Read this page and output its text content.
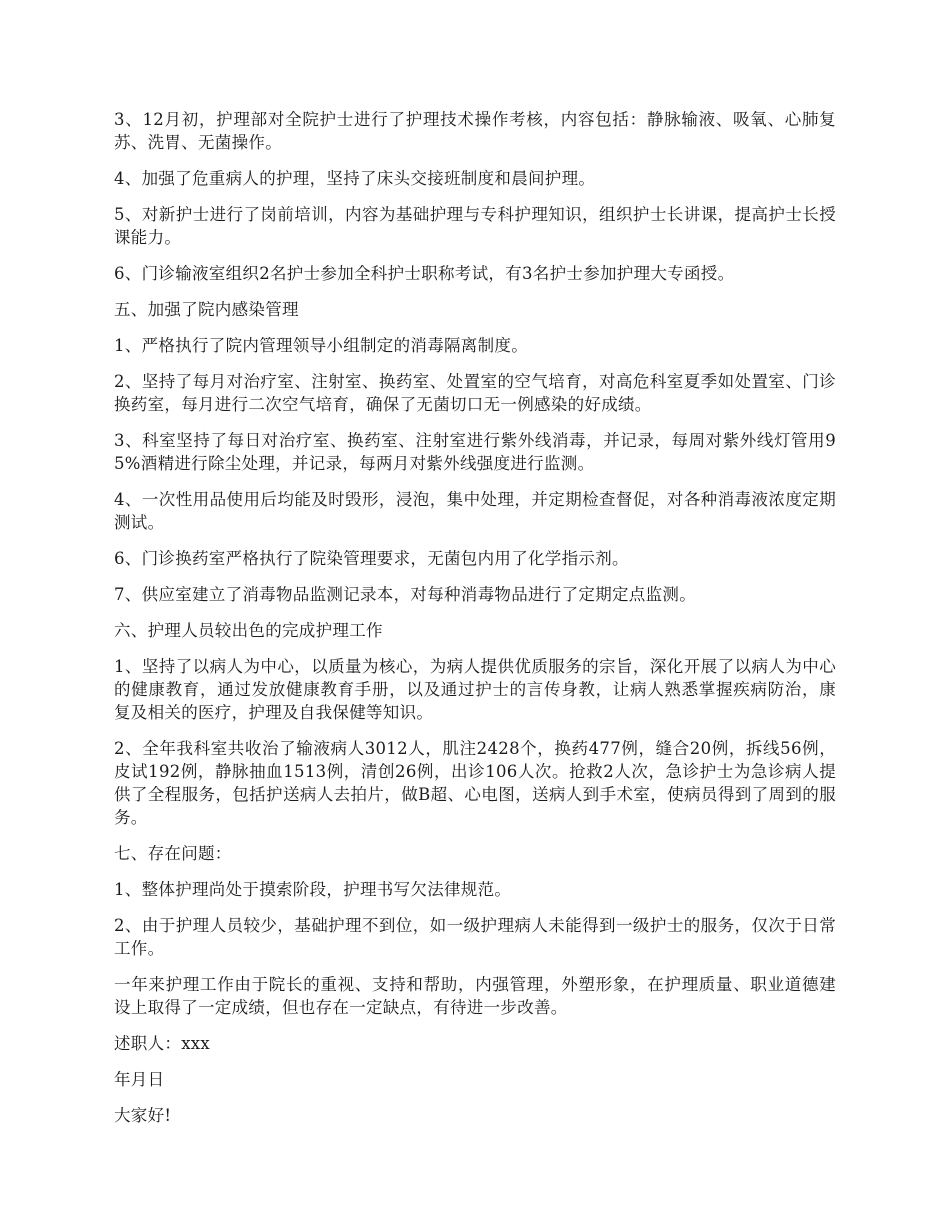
3、12月初，护理部对全院护士进行了护理技术操作考核，内容包括：静脉输液、吸氧、心肺复苏、洗胃、无菌操作。

4、加强了危重病人的护理，坚持了床头交接班制度和晨间护理。

5、对新护士进行了岗前培训，内容为基础护理与专科护理知识，组织护士长讲课，提高护士长授课能力。

6、门诊输液室组织2名护士参加全科护士职称考试，有3名护士参加护理大专函授。

五、加强了院内感染管理

1、严格执行了院内管理领导小组制定的消毒隔离制度。

2、坚持了每月对治疗室、注射室、换药室、处置室的空气培育，对高危科室夏季如处置室、门诊换药室，每月进行二次空气培育，确保了无菌切口无一例感染的好成绩。

3、科室坚持了每日对治疗室、换药室、注射室进行紫外线消毒，并记录，每周对紫外线灯管用95%酒精进行除尘处理，并记录，每两月对紫外线强度进行监测。

4、一次性用品使用后均能及时毁形，浸泡，集中处理，并定期检查督促，对各种消毒液浓度定期测试。

6、门诊换药室严格执行了院染管理要求，无菌包内用了化学指示剂。

7、供应室建立了消毒物品监测记录本，对每种消毒物品进行了定期定点监测。

六、护理人员较出色的完成护理工作

1、坚持了以病人为中心，以质量为核心，为病人提供优质服务的宗旨，深化开展了以病人为中心的健康教育，通过发放健康教育手册，以及通过护士的言传身教，让病人熟悉掌握疾病防治，康复及相关的医疗，护理及自我保健等知识。

2、全年我科室共收治了输液病人3012人，肌注2428个，换药477例，缝合20例，拆线56例，皮试192例，静脉抽血1513例，清创26例，出诊106人次。抢救2人次，急诊护士为急诊病人提供了全程服务，包括护送病人去拍片，做B超、心电图，送病人到手术室，使病员得到了周到的服务。

七、存在问题：

1、整体护理尚处于摸索阶段，护理书写欠法律规范。

2、由于护理人员较少，基础护理不到位，如一级护理病人未能得到一级护士的服务，仅次于日常工作。

一年来护理工作由于院长的重视、支持和帮助，内强管理，外塑形象，在护理质量、职业道德建设上取得了一定成绩，但也存在一定缺点，有待进一步改善。

述职人：xxx

年月日

大家好!
